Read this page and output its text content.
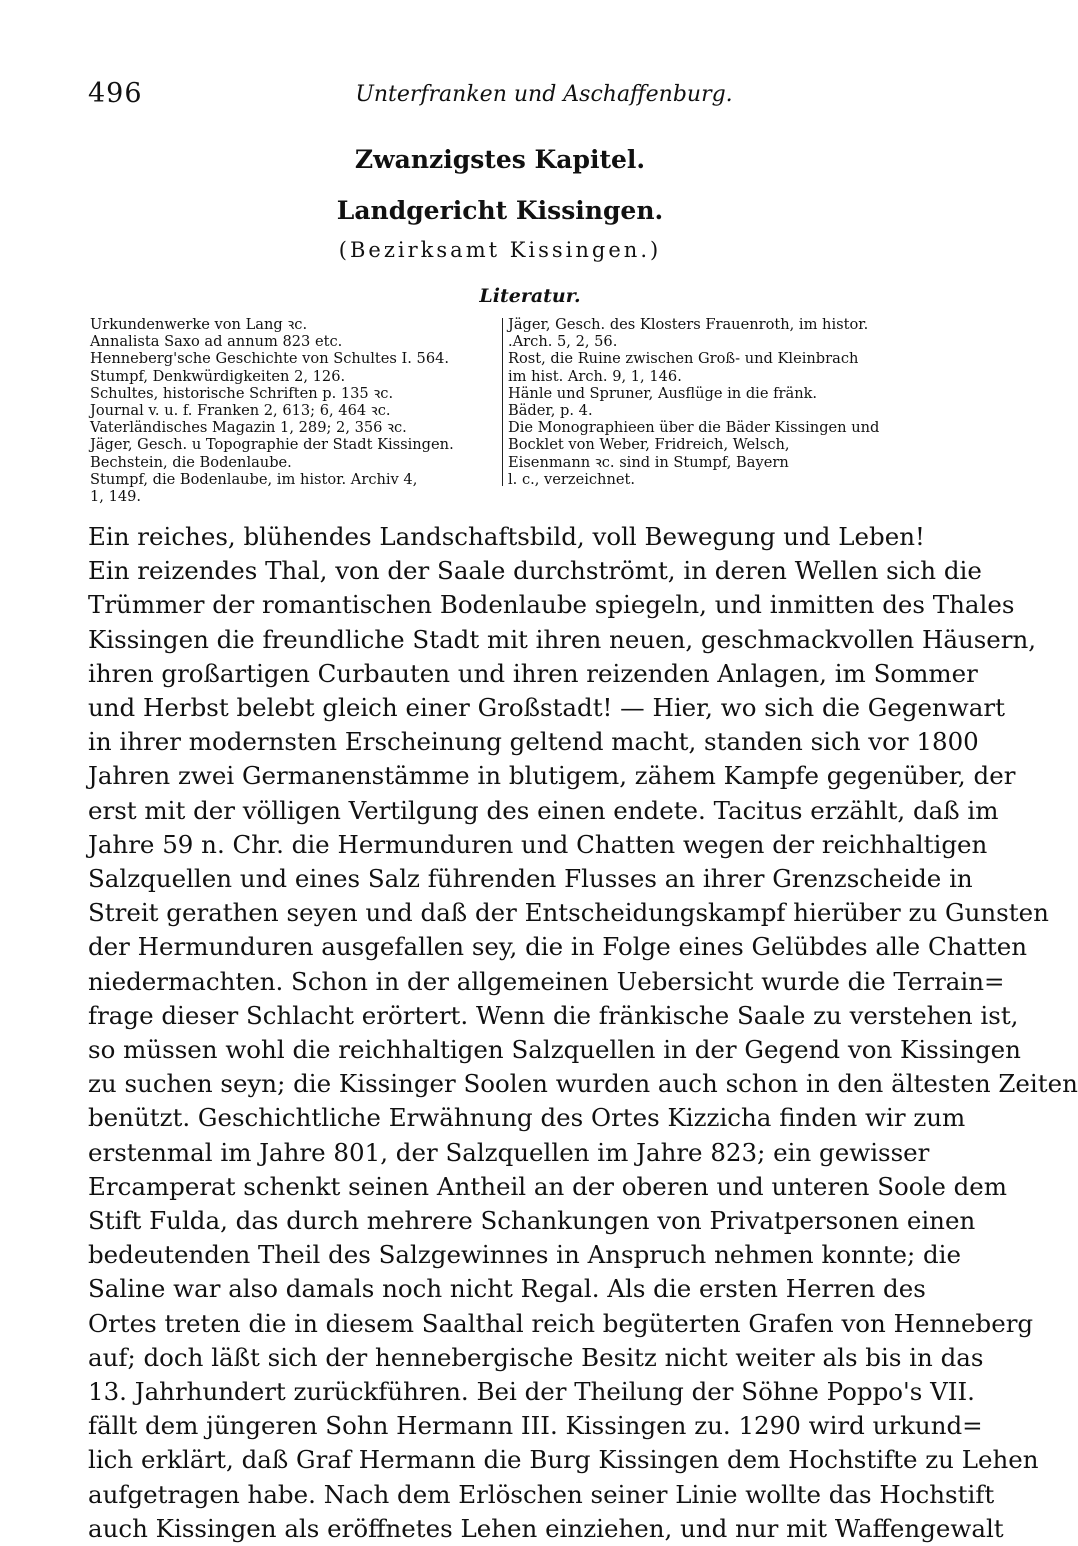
496	Unterfranken und Aschaffenburg.
Zwanzigstes Kapitel.
Landgericht Kissingen.
(Bezirksamt Kissingen.)
Literatur.
Urkundenwerke von Lang ꝛc.
Annalista Saxo ad annum 823 etc.
Henneberg'sche Geschichte von Schultes I. 564.
Stumpf, Denkwürdigkeiten 2, 126.
Schultes, historische Schriften p. 135 ꝛc.
Journal v. u. f. Franken 2, 613; 6, 464 ꝛc.
Vaterländisches Magazin 1, 289; 2, 356 ꝛc.
Jäger, Gesch. u Topographie der Stadt Kissingen.
Bechstein, die Bodenlaube.
Stumpf, die Bodenlaube, im histor. Archiv 4,
1, 149.
Jäger, Gesch. des Klosters Frauenroth, im histor.
.Arch. 5, 2, 56.
Rost, die Ruine zwischen Groß- und Kleinbrach
im hist. Arch. 9, 1, 146.
Hänle und Spruner, Ausflüge in die fränk.
Bäder, p. 4.
Die Monographieen über die Bäder Kissingen und
Bocklet von Weber, Fridreich, Welsch,
Eisenmann ꝛc. sind in Stumpf, Bayern
l. c., verzeichnet.
Ein reiches, blühendes Landschaftsbild, voll Bewegung und Leben!
Ein reizendes Thal, von der Saale durchströmt, in deren Wellen sich die
Trümmer der romantischen Bodenlaube spiegeln, und inmitten des Thales
Kissingen die freundliche Stadt mit ihren neuen, geschmackvollen Häusern,
ihren großartigen Curbauten und ihren reizenden Anlagen, im Sommer
und Herbst belebt gleich einer Großstadt! — Hier, wo sich die Gegenwart
in ihrer modernsten Erscheinung geltend macht, standen sich vor 1800
Jahren zwei Germanenstämme in blutigem, zähem Kampfe gegenüber, der
erst mit der völligen Vertilgung des einen endete. Tacitus erzählt, daß im
Jahre 59 n. Chr. die Hermunduren und Chatten wegen der reichhaltigen
Salzquellen und eines Salz führenden Flusses an ihrer Grenzscheide in
Streit gerathen seyen und daß der Entscheidungskampf hierüber zu Gunsten
der Hermunduren ausgefallen sey, die in Folge eines Gelübdes alle Chatten
niedermachten. Schon in der allgemeinen Uebersicht wurde die Terrain=
frage dieser Schlacht erörtert. Wenn die fränkische Saale zu verstehen ist,
so müssen wohl die reichhaltigen Salzquellen in der Gegend von Kissingen
zu suchen seyn; die Kissinger Soolen wurden auch schon in den ältesten Zeiten
benützt. Geschichtliche Erwähnung des Ortes Kizzicha finden wir zum
erstenmal im Jahre 801, der Salzquellen im Jahre 823; ein gewisser
Ercamperat schenkt seinen Antheil an der oberen und unteren Soole dem
Stift Fulda, das durch mehrere Schankungen von Privatpersonen einen
bedeutenden Theil des Salzgewinnes in Anspruch nehmen konnte; die
Saline war also damals noch nicht Regal. Als die ersten Herren des
Ortes treten die in diesem Saalthal reich begüterten Grafen von Henneberg
auf; doch läßt sich der hennebergische Besitz nicht weiter als bis in das
13. Jahrhundert zurückführen. Bei der Theilung der Söhne Poppo's VII.
fällt dem jüngeren Sohn Hermann III. Kissingen zu. 1290 wird urkund=
lich erklärt, daß Graf Hermann die Burg Kissingen dem Hochstifte zu Lehen
aufgetragen habe. Nach dem Erlöschen seiner Linie wollte das Hochstift
auch Kissingen als eröffnetes Lehen einziehen, und nur mit Waffengewalt
